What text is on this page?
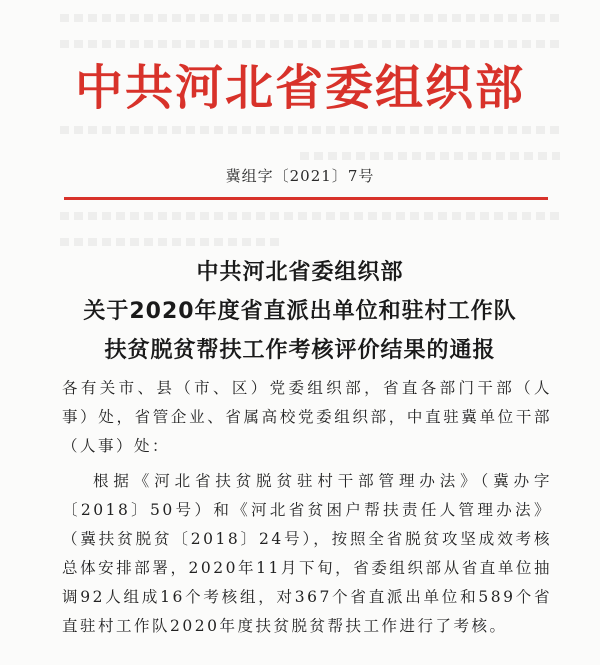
中共河北省委组织部
冀组字〔2021〕7号
中共河北省委组织部
关于2020年度省直派出单位和驻村工作队
扶贫脱贫帮扶工作考核评价结果的通报

各有关市、县（市、区）党委组织部，省直各部门干部（人事）处，省管企业、省属高校党委组织部，中直驻冀单位干部（人事）处：

根据《河北省扶贫脱贫驻村干部管理办法》（冀办字〔2018〕50号）和《河北省贫困户帮扶责任人管理办法》（冀扶贫脱贫〔2018〕24号），按照全省脱贫攻坚成效考核总体安排部署，2020年11月下旬，省委组织部从省直单位抽调92人组成16个考核组，对367个省直派出单位和589个省直驻村工作队2020年度扶贫脱贫帮扶工作进行了考核。
